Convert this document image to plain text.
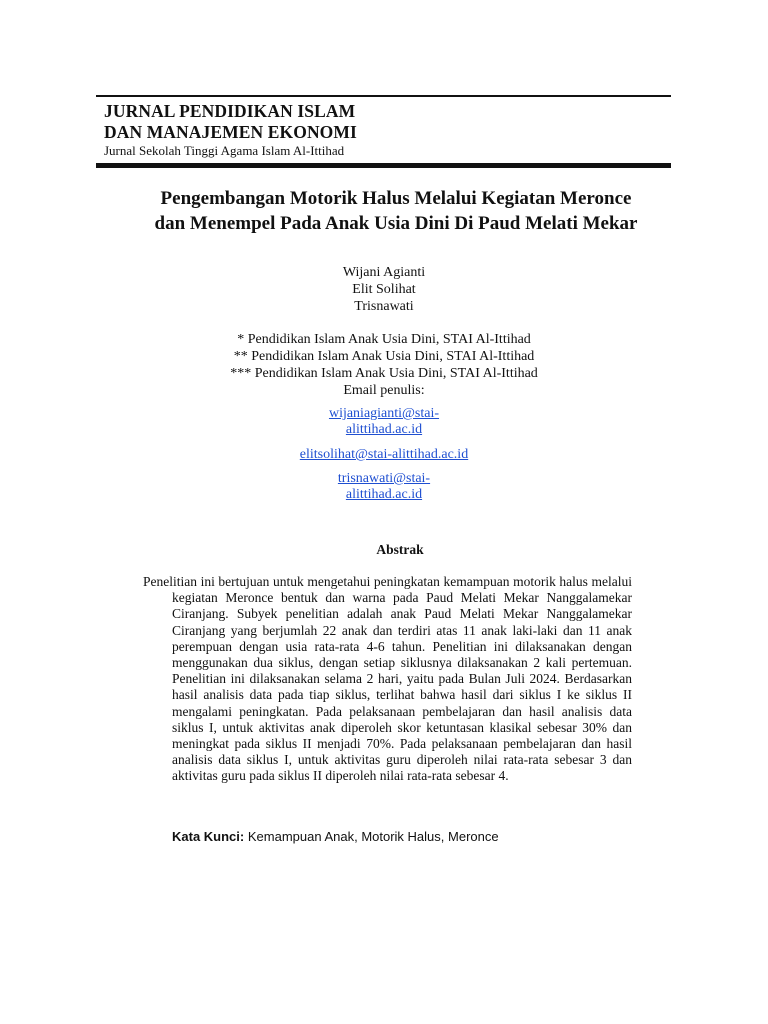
JURNAL PENDIDIKAN ISLAM
DAN MANAJEMEN EKONOMI
Jurnal Sekolah Tinggi Agama Islam Al-Ittihad
Pengembangan Motorik Halus Melalui Kegiatan Meronce
dan Menempel Pada Anak Usia Dini Di Paud Melati Mekar
Wijani Agianti
Elit Solihat
Trisnawati
* Pendidikan Islam Anak Usia Dini, STAI Al-Ittihad
** Pendidikan Islam Anak Usia Dini, STAI Al-Ittihad
*** Pendidikan Islam Anak Usia Dini, STAI Al-Ittihad
Email penulis:
wijaniagianti@stai-
alittihad.ac.id
elitsolihat@stai-alittihad.ac.id
trisnawati@stai-
alittihad.ac.id
Abstrak

Penelitian ini bertujuan untuk mengetahui peningkatan kemampuan motorik halus melalui kegiatan Meronce bentuk dan warna pada Paud Melati Mekar Nanggalamekar Ciranjang. Subyek penelitian adalah anak Paud Melati Mekar Nanggalamekar Ciranjang yang berjumlah 22 anak dan terdiri atas 11 anak laki-laki dan 11 anak perempuan dengan usia rata-rata 4-6 tahun. Penelitian ini dilaksanakan dengan menggunakan dua siklus, dengan setiap siklusnya dilaksanakan 2 kali pertemuan. Penelitian ini dilaksanakan selama 2 hari, yaitu pada Bulan Juli 2024. Berdasarkan hasil analisis data pada tiap siklus, terlihat bahwa hasil dari siklus I ke siklus II mengalami peningkatan. Pada pelaksanaan pembelajaran dan hasil analisis data siklus I, untuk aktivitas anak diperoleh skor ketuntasan klasikal sebesar 30% dan meningkat pada siklus II menjadi 70%. Pada pelaksanaan pembelajaran dan hasil analisis data siklus I, untuk aktivitas guru diperoleh nilai rata-rata sebesar 3 dan aktivitas guru pada siklus II diperoleh nilai rata-rata sebesar 4.

Kata Kunci: Kemampuan Anak, Motorik Halus, Meronce
